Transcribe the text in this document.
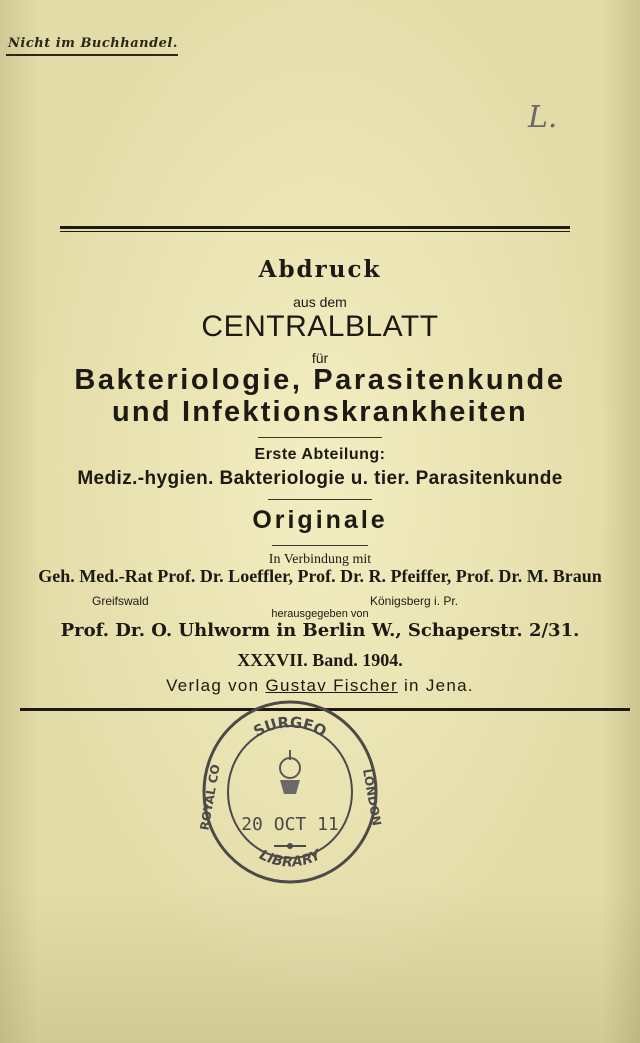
Nicht im Buchhandel.
L.
Abdruck
aus dem
CENTRALBLATT
für
Bakteriologie, Parasitenkunde
und Infektionskrankheiten
Erste Abteilung:
Mediz.-hygien. Bakteriologie u. tier. Parasitenkunde
Originale
In Verbindung mit
Geh. Med.-Rat Prof. Dr. Loeffler, Prof. Dr. R. Pfeiffer, Prof. Dr. M. Braun
Greifswald	Königsberg i. Pr.
herausgegeben von
Prof. Dr. O. Uhlworm in Berlin W., Schaperstr. 2/31.
XXXVII. Band. 1904.
Verlag von Gustav Fischer in Jena.
SURGEO
ROYAL CO	LONDON
20 OCT 11
LIBRARY
